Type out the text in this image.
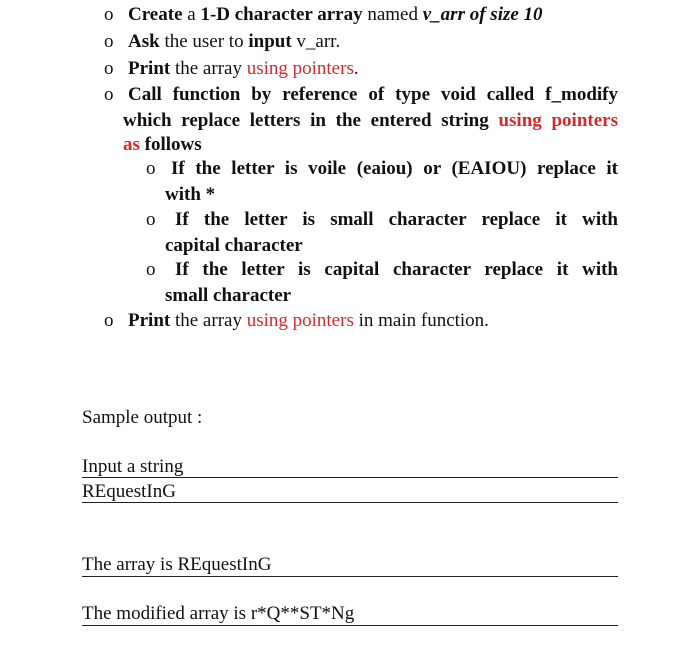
o Create a 1-D character array named v_arr of size 10
o Ask the user to input v_arr.
o Print the array using pointers.
o Call function by reference of type void called f_modify
which replace letters in the entered string using pointers
as follows
o If the letter is voile (eaiou) or (EAIOU) replace it
with *
o If the letter is small character replace it with
capital character
o If the letter is capital character replace it with
small character
o Print the array using pointers in main function.
Sample output :
Input a string
REquestInG
The array is REquestInG
The modified array is r*Q**ST*Ng
